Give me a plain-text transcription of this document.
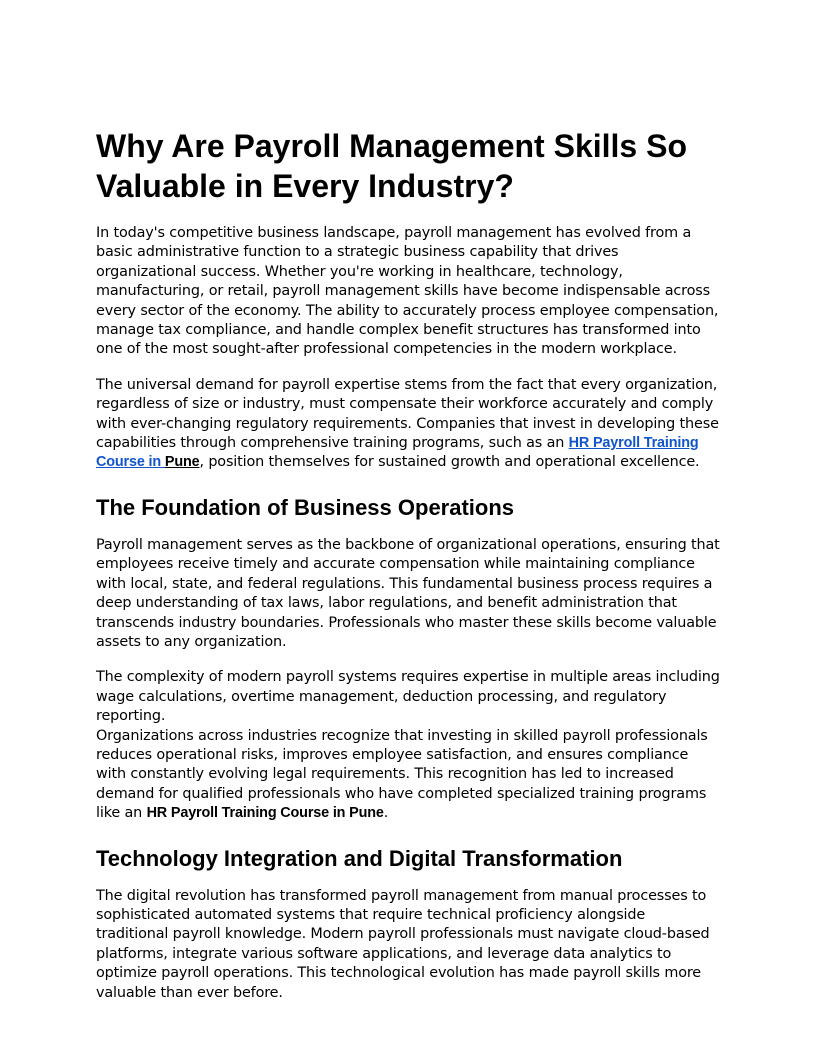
Why Are Payroll Management Skills So Valuable in Every Industry?

In today's competitive business landscape, payroll management has evolved from a basic administrative function to a strategic business capability that drives organizational success. Whether you're working in healthcare, technology, manufacturing, or retail, payroll management skills have become indispensable across every sector of the economy. The ability to accurately process employee compensation, manage tax compliance, and handle complex benefit structures has transformed into one of the most sought-after professional competencies in the modern workplace.

The universal demand for payroll expertise stems from the fact that every organization, regardless of size or industry, must compensate their workforce accurately and comply with ever-changing regulatory requirements. Companies that invest in developing these capabilities through comprehensive training programs, such as an HR Payroll Training Course in Pune, position themselves for sustained growth and operational excellence.

The Foundation of Business Operations

Payroll management serves as the backbone of organizational operations, ensuring that employees receive timely and accurate compensation while maintaining compliance with local, state, and federal regulations. This fundamental business process requires a deep understanding of tax laws, labor regulations, and benefit administration that transcends industry boundaries. Professionals who master these skills become valuable assets to any organization.

The complexity of modern payroll systems requires expertise in multiple areas including wage calculations, overtime management, deduction processing, and regulatory reporting.

Organizations across industries recognize that investing in skilled payroll professionals reduces operational risks, improves employee satisfaction, and ensures compliance with constantly evolving legal requirements. This recognition has led to increased demand for qualified professionals who have completed specialized training programs like an HR Payroll Training Course in Pune.

Technology Integration and Digital Transformation

The digital revolution has transformed payroll management from manual processes to sophisticated automated systems that require technical proficiency alongside traditional payroll knowledge. Modern payroll professionals must navigate cloud-based platforms, integrate various software applications, and leverage data analytics to optimize payroll operations. This technological evolution has made payroll skills more valuable than ever before.
